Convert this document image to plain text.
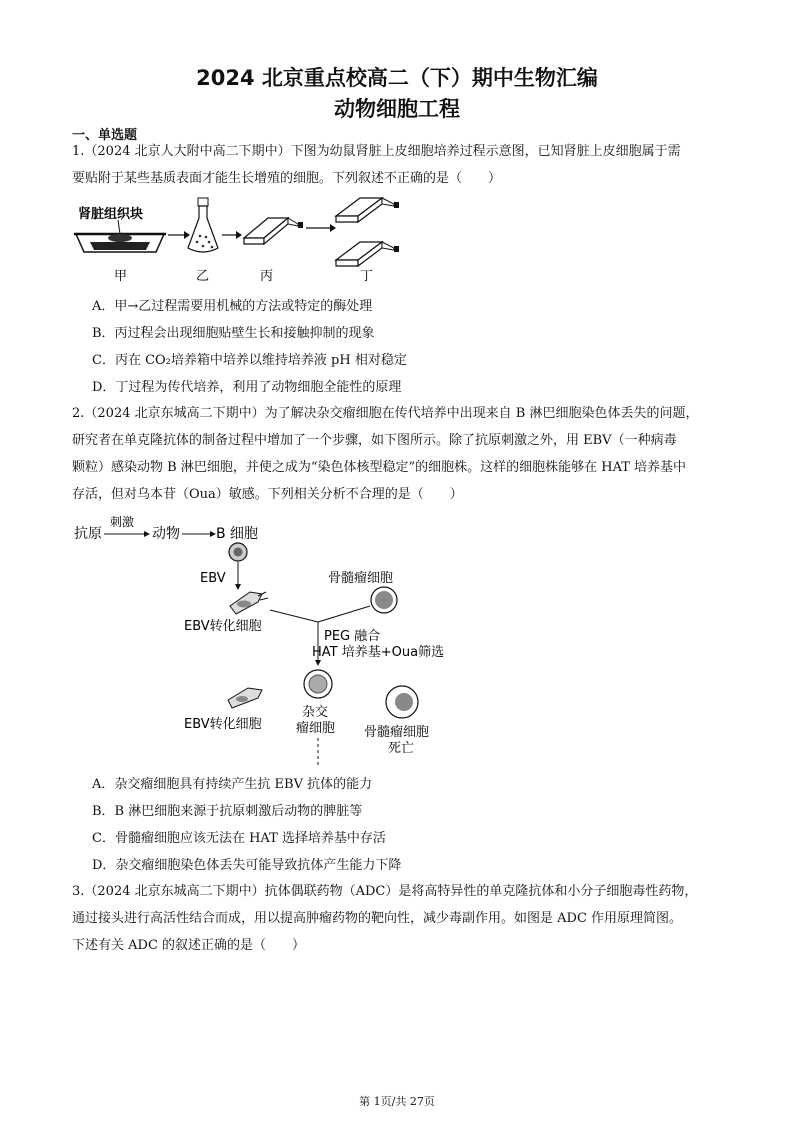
2024 北京重点校高二（下）期中生物汇编
动物细胞工程
一、单选题
1.（2024 北京人大附中高二下期中）下图为幼鼠肾脏上皮细胞培养过程示意图，已知肾脏上皮细胞属于需
要贴附于某些基质表面才能生长增殖的细胞。下列叙述不正确的是（　　）
肾脏组织块
甲	乙	丙	丁
A．甲→乙过程需要用机械的方法或特定的酶处理
B．丙过程会出现细胞贴壁生长和接触抑制的现象
C．丙在 CO₂培养箱中培养以维持培养液 pH 相对稳定
D．丁过程为传代培养，利用了动物细胞全能性的原理
2.（2024 北京东城高二下期中）为了解决杂交瘤细胞在传代培养中出现来自 B 淋巴细胞染色体丢失的问题，
研究者在单克隆抗体的制备过程中增加了一个步骤，如下图所示。除了抗原刺激之外，用 EBV（一种病毒
颗粒）感染动物 B 淋巴细胞，并使之成为“染色体核型稳定”的细胞株。这样的细胞株能够在 HAT 培养基中
存活，但对乌本苷（Oua）敏感。下列相关分析不合理的是（　　）
抗原
刺激
动物	B 细胞
EBV
EBV转化细胞
骨髓瘤细胞
PEG 融合
HAT 培养基+Oua筛选
EBV转化细胞
杂交
瘤细胞 骨髓瘤细胞
死亡
A．杂交瘤细胞具有持续产生抗 EBV 抗体的能力
B．B 淋巴细胞来源于抗原刺激后动物的脾脏等
C．骨髓瘤细胞应该无法在 HAT 选择培养基中存活
D．杂交瘤细胞染色体丢失可能导致抗体产生能力下降
3.（2024 北京东城高二下期中）抗体偶联药物（ADC）是将高特异性的单克隆抗体和小分子细胞毒性药物，
通过接头进行高活性结合而成，用以提高肿瘤药物的靶向性，减少毒副作用。如图是 ADC 作用原理简图。
下述有关 ADC 的叙述正确的是（　　）
第 1页/共 27页
